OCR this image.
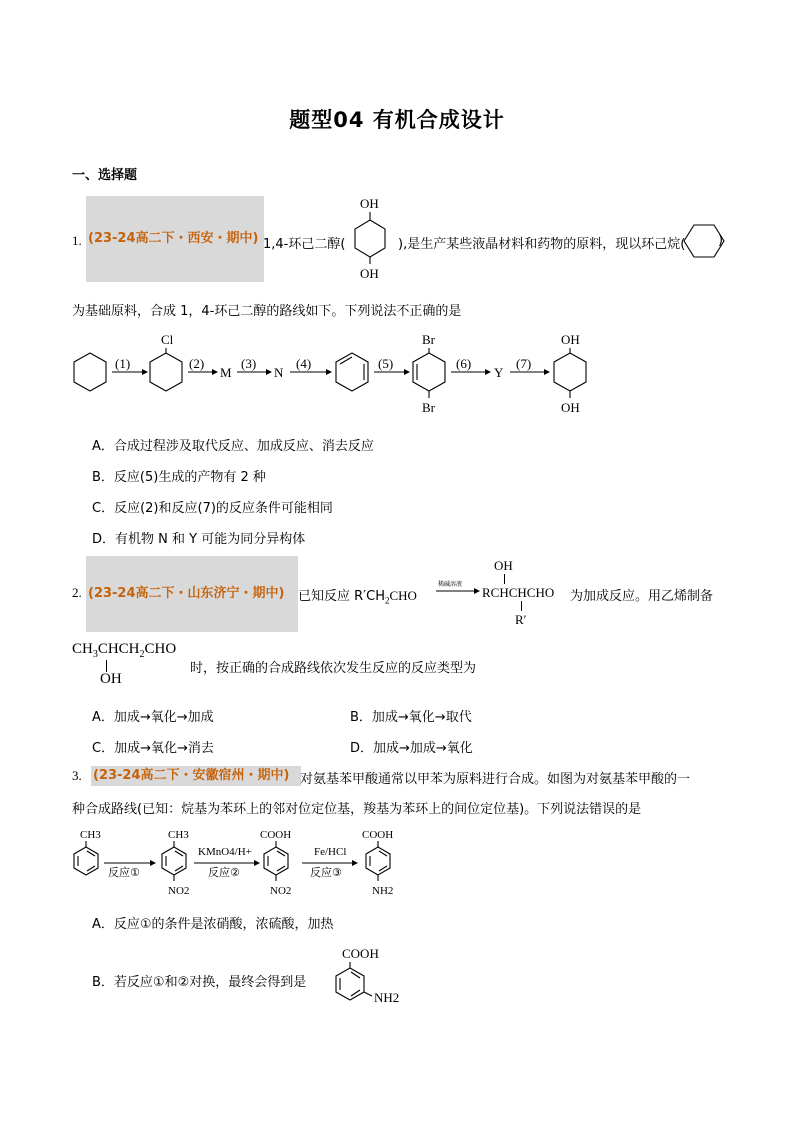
题型04 有机合成设计
一、选择题
1. (23-24高二下・西安・期中) 1,4-环己二醇(
OH
OH
),是生产某些液晶材料和药物的原料，现以环己烷(	)
为基础原料，合成 1，4-环己二醇的路线如下。下列说法不正确的是
(1)
Cl
(2)
M
(3)
N
(4)	(5)
Br
Br
(6)
Y
(7)
OH
OH
A．合成过程涉及取代反应、加成反应、消去反应
B．反应(5)生成的产物有 2 种
C．反应(2)和反应(7)的反应条件可能相同
D．有机物 N 和 Y 可能为同分异构体
2. (23-24高二下・山东济宁・期中)	已知反应 $R'CH_2CHO$
稀碱溶液
OH
RCHCHCHO
R′
为加成反应。用乙烯制备
$CH_3CHCH_2CHO$
OH
时，按正确的合成路线依次发生反应的反应类型为
A．加成→氧化→加成	B．加成→氧化→取代
C．加成→氧化→消去	D．加成→加成→氧化
3. (23-24高二下・安徽宿州・期中) 对氨基苯甲酸通常以甲苯为原料进行合成。如图为对氨基苯甲酸的一
种合成路线(已知：烷基为苯环上的邻对位定位基，羧基为苯环上的间位定位基)。下列说法错误的是
CH3
反应①
CH3
NO2
KMnO4/H+
反应②
COOH
NO2
Fe/HCl
反应③
COOH
NH2
A．反应①的条件是浓硝酸，浓硫酸，加热
B．若反应①和②对换，最终会得到是
COOH
NH2
